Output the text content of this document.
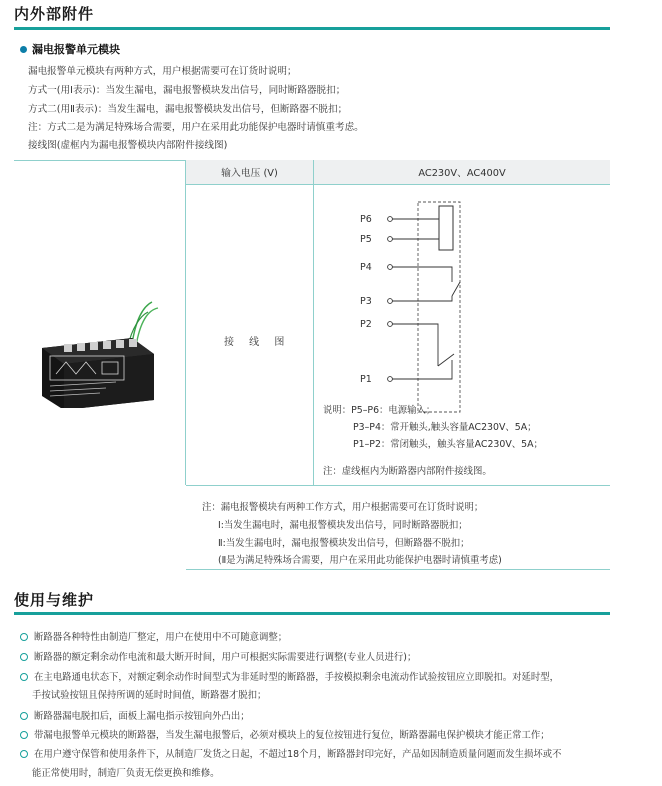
内外部附件
漏电报警单元模块
漏电报警单元模块有两种方式，用户根据需要可在订货时说明；
方式一(用Ⅰ表示)：当发生漏电，漏电报警模块发出信号，同时断路器脱扣；
方式二(用Ⅱ表示)：当发生漏电，漏电报警模块发出信号，但断路器不脱扣；
注：方式二是为满足特殊场合需要，用户在采用此功能保护电器时请慎重考虑。
接线图(虚框内为漏电报警模块内部附件接线图)
输入电压 (V)	AC230V、AC400V
接 线 图
P6
P5
P4
P3
P2
P1
说明：P5–P6：电源输入；
P3–P4：常开触头,触头容量AC230V、5A；
P1–P2：常闭触头，触头容量AC230V、5A；
注：虚线框内为断路器内部附件接线图。
注：漏电报警模块有两种工作方式，用户根据需要可在订货时说明；
Ⅰ:当发生漏电时，漏电报警模块发出信号，同时断路器脱扣；
Ⅱ:当发生漏电时，漏电报警模块发出信号，但断路器不脱扣；
(Ⅱ是为满足特殊场合需要，用户在采用此功能保护电器时请慎重考虑)
使用与维护
断路器各种特性由制造厂整定，用户在使用中不可随意调整；
断路器的额定剩余动作电流和最大断开时间，用户可根据实际需要进行调整(专业人员进行)；
在主电路通电状态下，对额定剩余动作时间型式为非延时型的断路器，手按模拟剩余电流动作试验按钮应立即脱扣。对延时型，
手按试验按钮且保持所调的延时时间值，断路器才脱扣；
断路器漏电脱扣后，面板上漏电指示按钮向外凸出；
带漏电报警单元模块的断路器，当发生漏电报警后，必须对模块上的复位按钮进行复位，断路器漏电保护模块才能正常工作；
在用户遵守保管和使用条件下，从制造厂发货之日起，不超过18个月，断路器封印完好，产品如因制造质量问题而发生损坏或不
能正常使用时，制造厂负责无偿更换和维修。
